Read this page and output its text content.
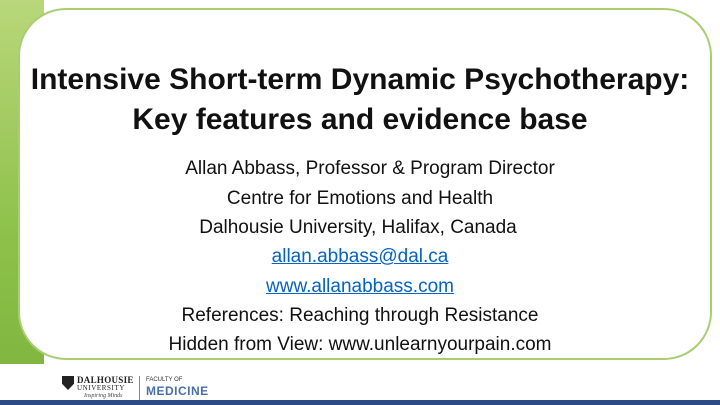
Intensive Short-term Dynamic Psychotherapy:
Key features and evidence base
Allan Abbass, Professor & Program Director
Centre for Emotions and Health
Dalhousie University, Halifax, Canada
allan.abbass@dal.ca
www.allanabbass.com
References: Reaching through Resistance
Hidden from View: www.unlearnyourpain.com
DALHOUSIE
UNIVERSITY
Inspiring Minds
FACULTY OF
MEDICINE
